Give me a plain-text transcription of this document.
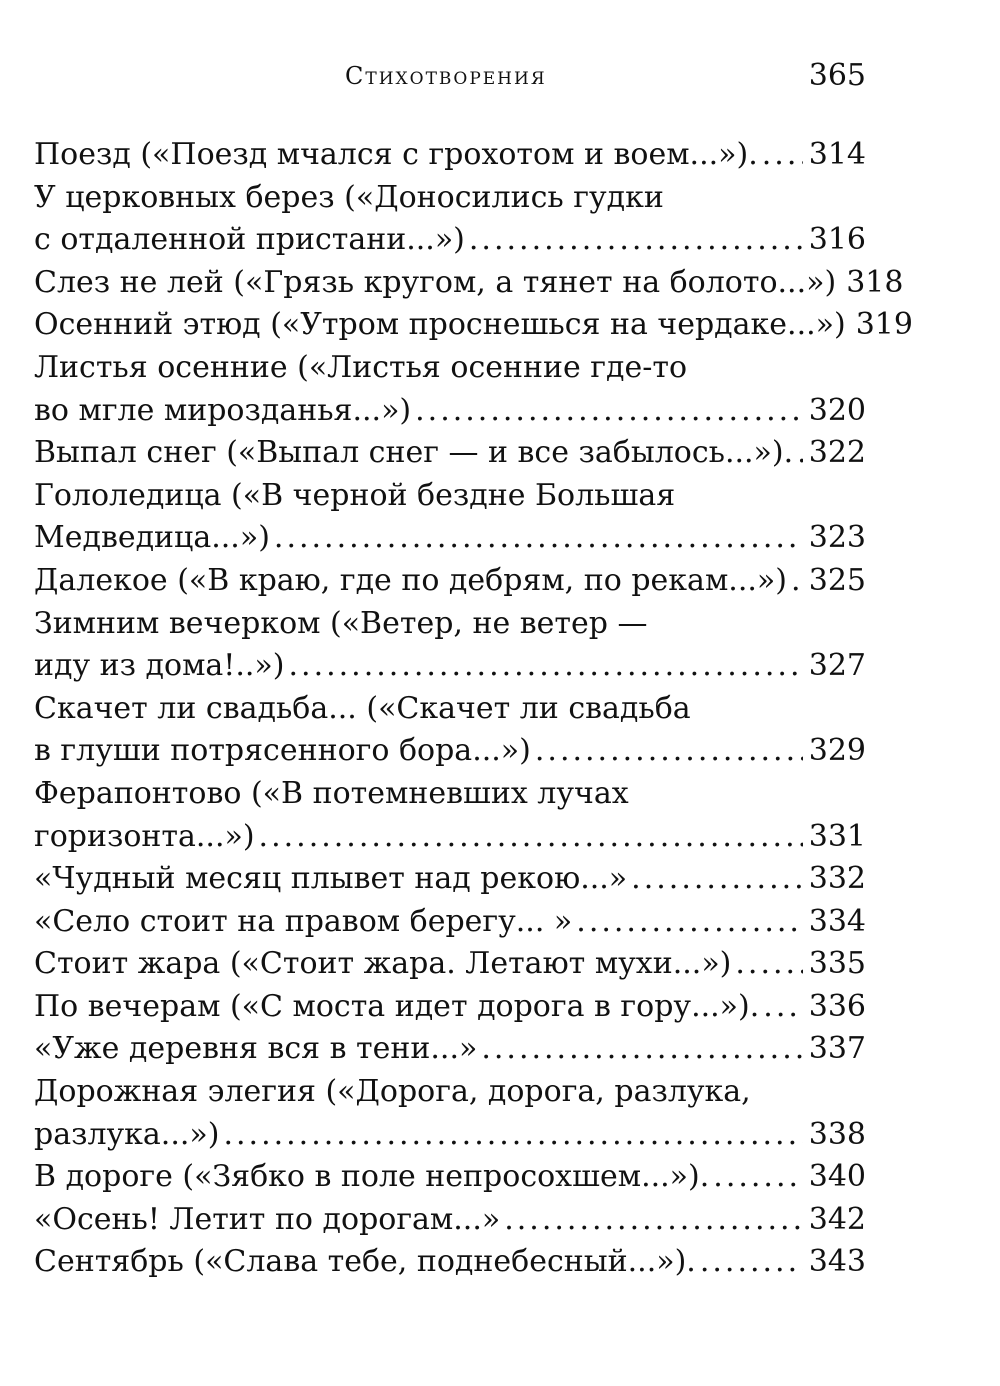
Стихотворения	365
Поезд («Поезд мчался с грохотом и воем...»). ..... 314
У церковных берез («Доносились гудки
с отдаленной пристани...») .....	316
Слез не лей («Грязь кругом, а тянет на болото...») 318
Осенний этюд («Утром проснешься на чердаке...») 319
Листья осенние («Листья осенние где-то
во мгле мирозданья...») .....	320
Выпал снег («Выпал снег — и все забылось...»). ..... 322
Гололедица («В черной бездне Большая
Медведица...») .....	323
Далекое («В краю, где по дебрям, по рекам...») ..... 325
Зимним вечерком («Ветер, не ветер —
иду из дома!..») .....	327
Скачет ли свадьба... («Скачет ли свадьба
в глуши потрясенного бора...») .....	329
Ферапонтово («В потемневших лучах
горизонта...») .....	331
«Чудный месяц плывет над рекою...» .....	332
«Село стоит на правом берегу... » .....	334
Стоит жара («Стоит жара. Летают мухи...») .....	335
По вечерам («С моста идет дорога в гору...»). ..... 336
«Уже деревня вся в тени...» .....	337
Дорожная элегия («Дорога, дорога, разлука,
разлука...») .....	338
В дороге («Зябко в поле непросохшем...»). .....	340
«Осень! Летит по дорогам...» .....	342
Сентябрь («Слава тебе, поднебесный...»). .....	343
